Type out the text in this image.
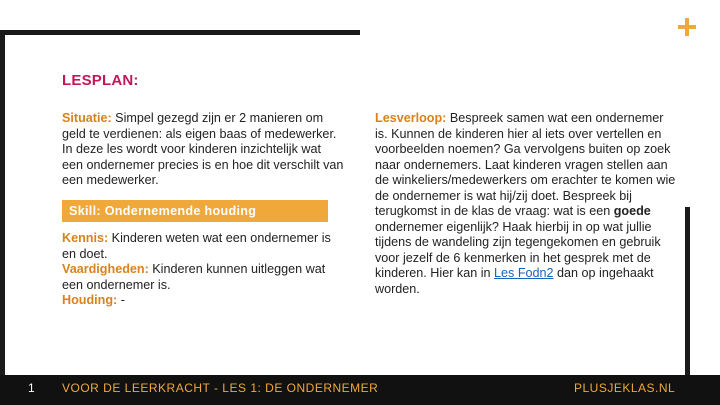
LESPLAN:

Situatie: Simpel gezegd zijn er 2 manieren om geld te verdienen: als eigen baas of medewerker. In deze les wordt voor kinderen inzichtelijk wat een ondernemer precies is en hoe dit verschilt van een medewerker.

Skill: Ondernemende houding

Kennis: Kinderen weten wat een ondernemer is en doet.

Vaardigheden: Kinderen kunnen uitleggen wat een ondernemer is.

Houding: -

Lesverloop: Bespreek samen wat een ondernemer is. Kunnen de kinderen hier al iets over vertellen en voorbeelden noemen? Ga vervolgens buiten op zoek naar ondernemers. Laat kinderen vragen stellen aan de winkeliers/medewerkers om erachter te komen wie de ondernemer is wat hij/zij doet. Bespreek bij terugkomst in de klas de vraag: wat is een goede ondernemer eigenlijk? Haak hierbij in op wat jullie tijdens de wandeling zijn tegengekomen en gebruik voor jezelf de 6 kenmerken in het gesprek met de kinderen. Hier kan in Les Fodn2 dan op ingehaakt worden.

1 VOOR DE LEERKRACHT - LES 1: DE ONDERNEMER	PLUSJEKLAS.NL
